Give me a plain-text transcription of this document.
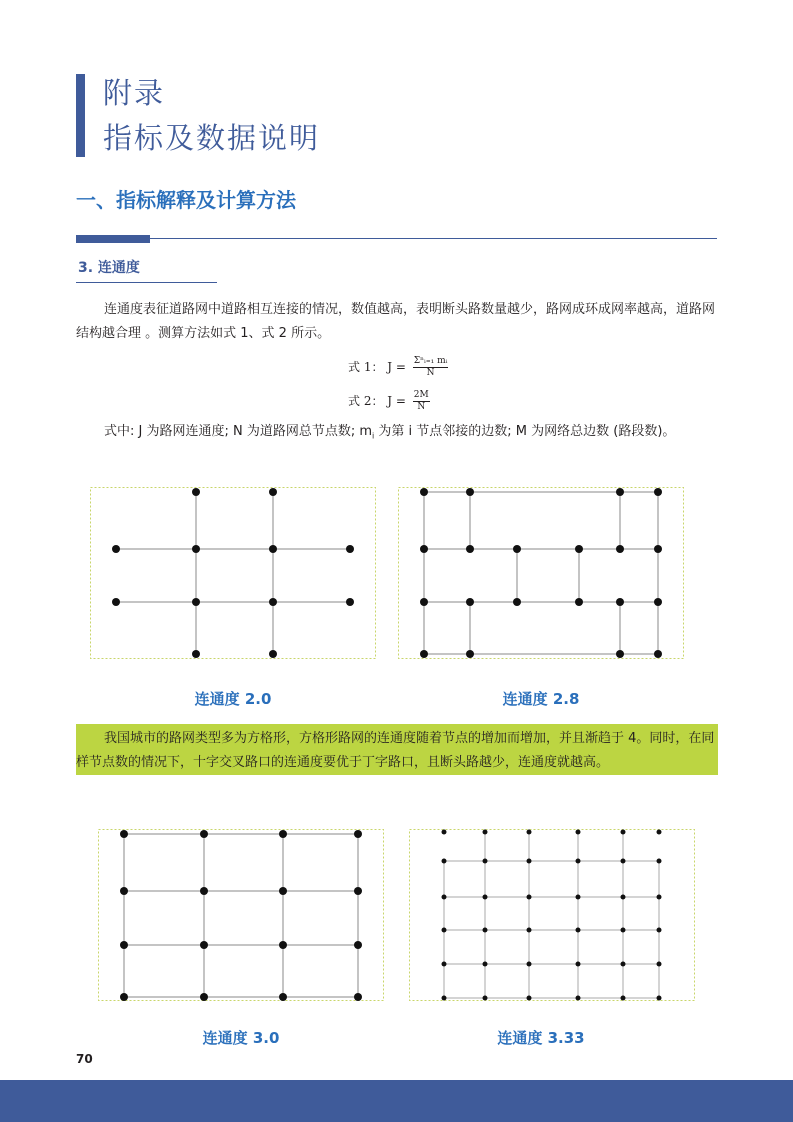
附录
指标及数据说明
一、指标解释及计算方法
3. 连通度
连通度表征道路网中道路相互连接的情况，数值越高，表明断头路数量越少，路网成环成网率越高，道路网结构越合理 。测算方法如式 1、式 2 所示。
式 1： $J = \frac{\text{Σⁿᵢ₌₁ mᵢ}}{N}$
式 2： $J = \frac{2M}{N}$
式中: J 为路网连通度; N 为道路网总节点数; $m_i$ 为第 i 节点邻接的边数; M 为网络总边数 (路段数)。
连通度 2.0	连通度 2.8

我国城市的路网类型多为方格形，方格形路网的连通度随着节点的增加而增加，并且渐趋于 4。同时，在同样节点数的情况下，十字交叉路口的连通度要优于丁字路口，且断头路越少，连通度就越高。

连通度 3.0	连通度 3.33
70
